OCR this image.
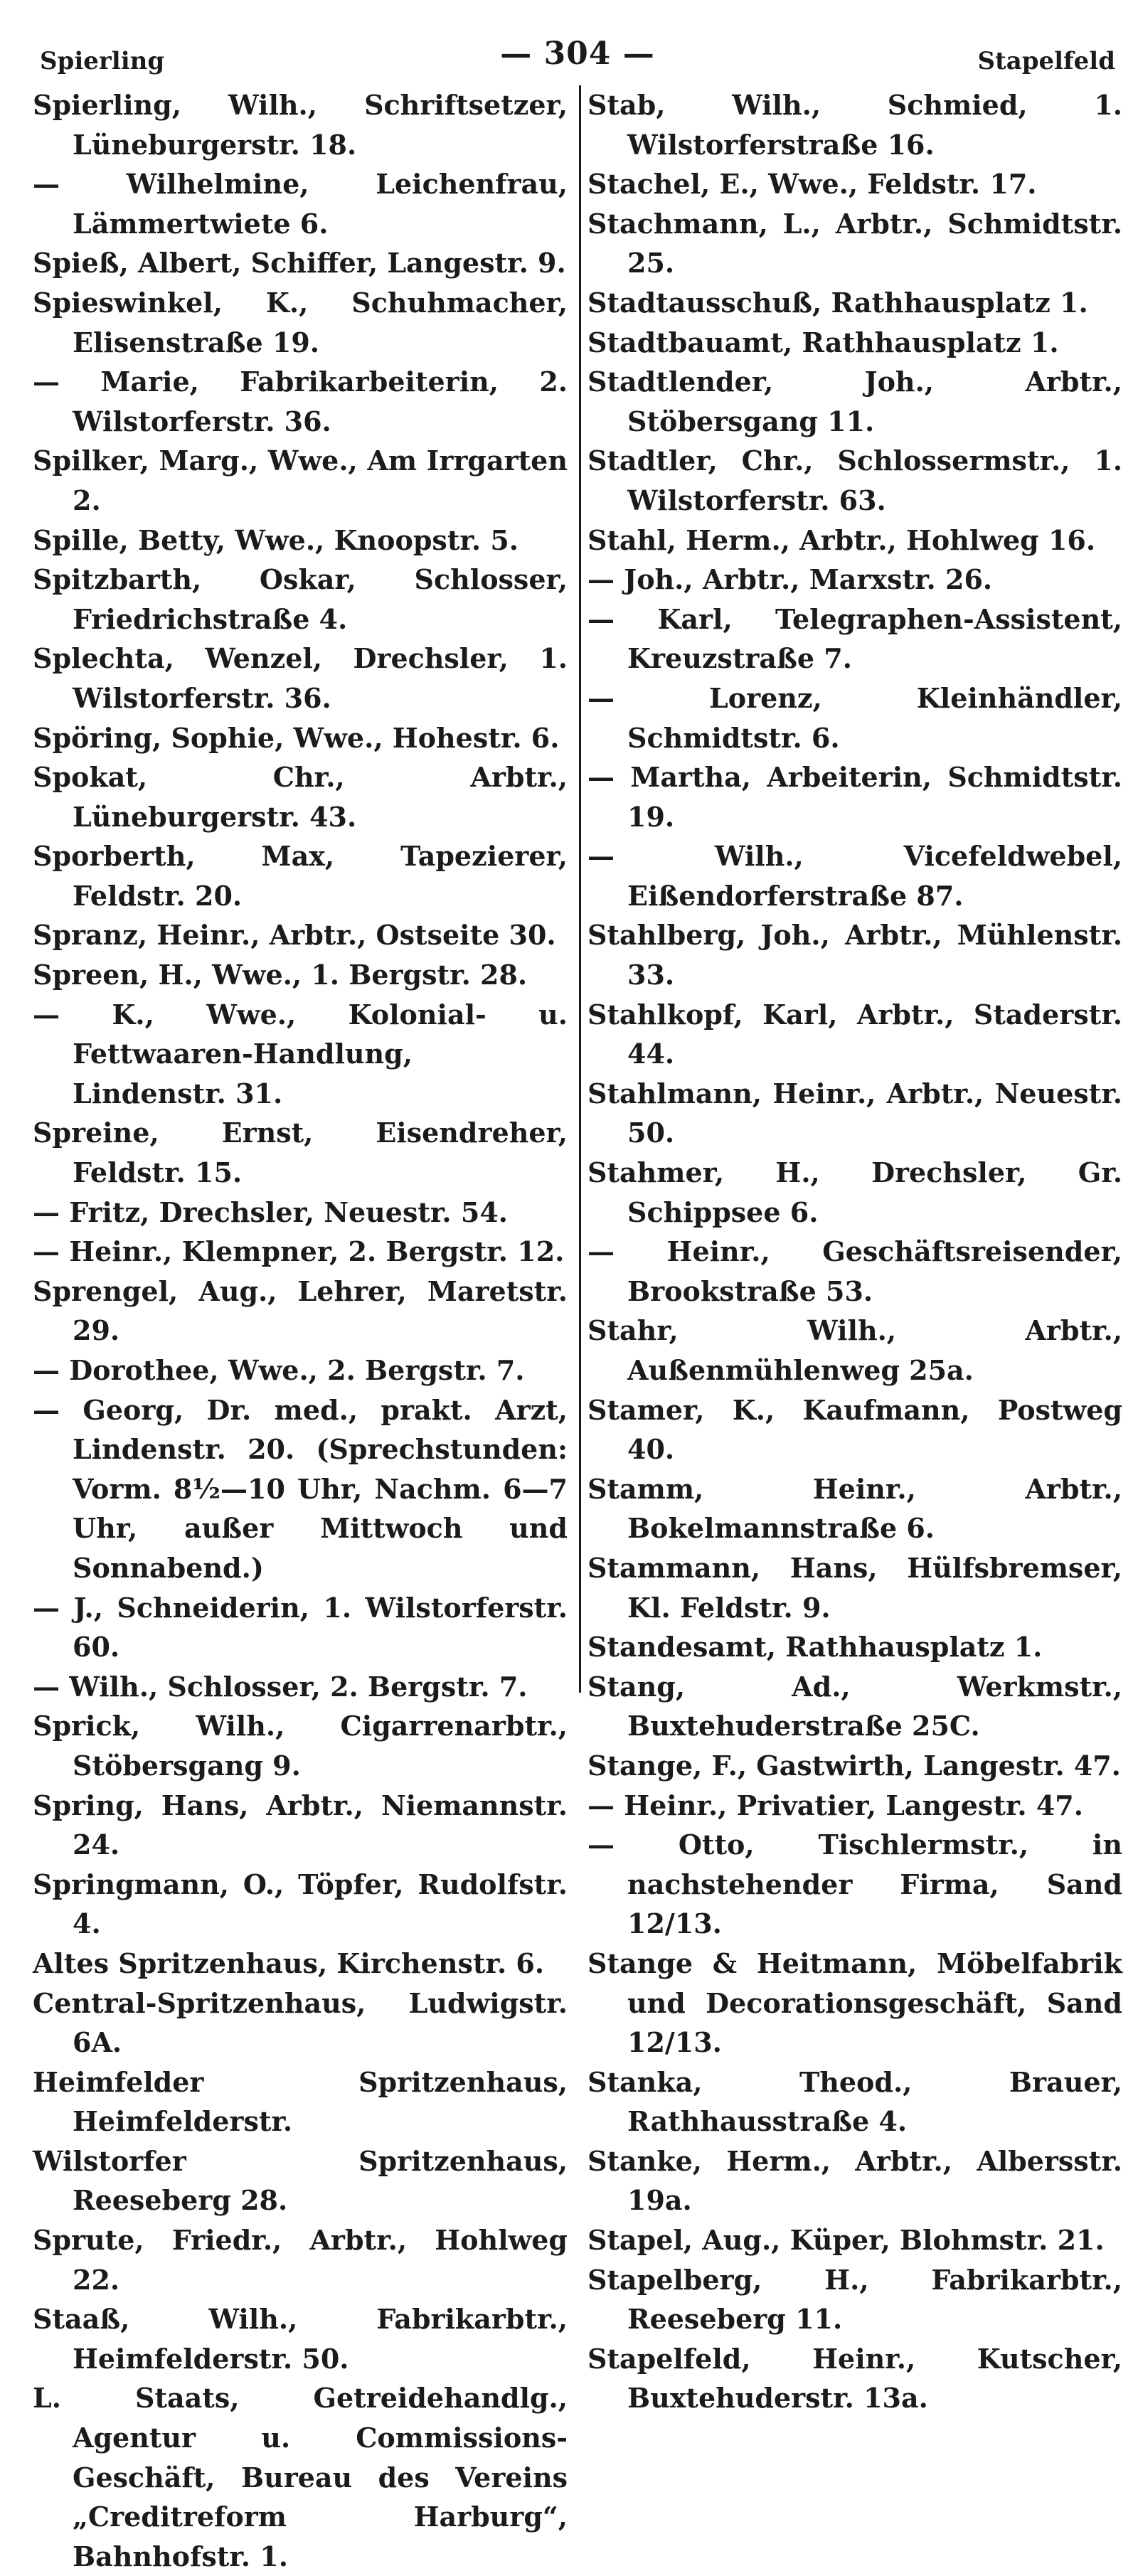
Spierling	— 304 —	Stapelfeld
Spierling, Wilh., Schriftsetzer, Lüneburgerstr. 18.
— Wilhelmine, Leichenfrau, Lämmertwiete 6.
Spieß, Albert, Schiffer, Langestr. 9.
Spieswinkel, K., Schuhmacher, Elisenstraße 19.
— Marie, Fabrikarbeiterin, 2. Wilstorferstr. 36.
Spilker, Marg., Wwe., Am Irrgarten 2.
Spille, Betty, Wwe., Knoopstr. 5.
Spitzbarth, Oskar, Schlosser, Friedrichstraße 4.
Splechta, Wenzel, Drechsler, 1. Wilstorferstr. 36.
Spöring, Sophie, Wwe., Hohestr. 6.
Spokat, Chr., Arbtr., Lüneburgerstr. 43.
Sporberth, Max, Tapezierer, Feldstr. 20.
Spranz, Heinr., Arbtr., Ostseite 30.
Spreen, H., Wwe., 1. Bergstr. 28.
— K., Wwe., Kolonial- u. Fettwaaren-Handlung, Lindenstr. 31.
Spreine, Ernst, Eisendreher, Feldstr. 15.
— Fritz, Drechsler, Neuestr. 54.
— Heinr., Klempner, 2. Bergstr. 12.
Sprengel, Aug., Lehrer, Maretstr. 29.
— Dorothee, Wwe., 2. Bergstr. 7.
— Georg, Dr. med., prakt. Arzt, Lindenstr. 20. (Sprechstunden: Vorm. 8½—10 Uhr, Nachm. 6—7 Uhr, außer Mittwoch und Sonnabend.)
— J., Schneiderin, 1. Wilstorferstr. 60.
— Wilh., Schlosser, 2. Bergstr. 7.
Sprick, Wilh., Cigarrenarbtr., Stöbersgang 9.
Spring, Hans, Arbtr., Niemannstr. 24.
Springmann, O., Töpfer, Rudolfstr. 4.
Altes Spritzenhaus, Kirchenstr. 6.
Central-Spritzenhaus, Ludwigstr. 6A.
Heimfelder Spritzenhaus, Heimfelderstr.
Wilstorfer Spritzenhaus, Reeseberg 28.
Sprute, Friedr., Arbtr., Hohlweg 22.
Staaß, Wilh., Fabrikarbtr., Heimfelderstr. 50.
L. Staats, Getreidehandlg., Agentur u. Commissions-Geschäft, Bureau des Vereins „Creditreform Harburg“, Bahnhofstr. 1.
Stab, Wilh., Schmied, 1. Wilstorferstraße 16.
Stachel, E., Wwe., Feldstr. 17.
Stachmann, L., Arbtr., Schmidtstr. 25.
Stadtausschuß, Rathhausplatz 1.
Stadtbauamt, Rathhausplatz 1.
Stadtlender, Joh., Arbtr., Stöbersgang 11.
Stadtler, Chr., Schlossermstr., 1. Wilstorferstr. 63.
Stahl, Herm., Arbtr., Hohlweg 16.
— Joh., Arbtr., Marxstr. 26.
— Karl, Telegraphen-Assistent, Kreuzstraße 7.
— Lorenz, Kleinhändler, Schmidtstr. 6.
— Martha, Arbeiterin, Schmidtstr. 19.
— Wilh., Vicefeldwebel, Eißendorferstraße 87.
Stahlberg, Joh., Arbtr., Mühlenstr. 33.
Stahlkopf, Karl, Arbtr., Staderstr. 44.
Stahlmann, Heinr., Arbtr., Neuestr. 50.
Stahmer, H., Drechsler, Gr. Schippsee 6.
— Heinr., Geschäftsreisender, Brookstraße 53.
Stahr, Wilh., Arbtr., Außenmühlenweg 25a.
Stamer, K., Kaufmann, Postweg 40.
Stamm, Heinr., Arbtr., Bokelmannstraße 6.
Stammann, Hans, Hülfsbremser, Kl. Feldstr. 9.
Standesamt, Rathhausplatz 1.
Stang, Ad., Werkmstr., Buxtehuderstraße 25C.
Stange, F., Gastwirth, Langestr. 47.
— Heinr., Privatier, Langestr. 47.
— Otto, Tischlermstr., in nachstehender Firma, Sand 12/13.
Stange & Heitmann, Möbelfabrik und Decorationsgeschäft, Sand 12/13.
Stanka, Theod., Brauer, Rathhausstraße 4.
Stanke, Herm., Arbtr., Albersstr. 19a.
Stapel, Aug., Küper, Blohmstr. 21.
Stapelberg, H., Fabrikarbtr., Reeseberg 11.
Stapelfeld, Heinr., Kutscher, Buxtehuderstr. 13a.
